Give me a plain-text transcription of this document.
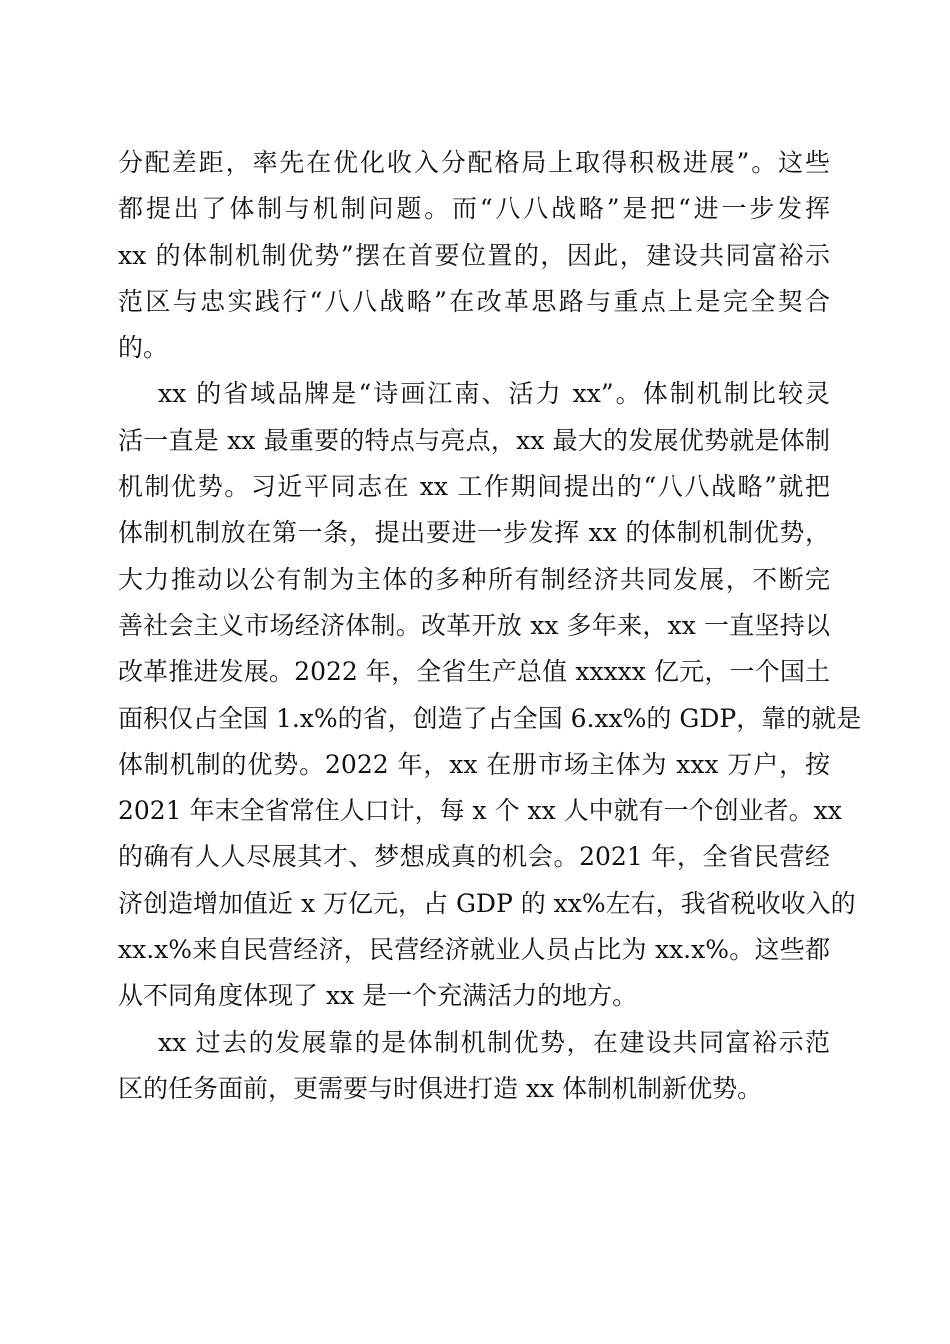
分配差距，率先在优化收入分配格局上取得积极进展”。这些
都提出了体制与机制问题。而“八八战略”是把“进一步发挥
xx 的体制机制优势”摆在首要位置的，因此，建设共同富裕示
范区与忠实践行“八八战略”在改革思路与重点上是完全契合
的。
xx 的省域品牌是“诗画江南、活力 xx”。体制机制比较灵
活一直是 xx 最重要的特点与亮点，xx 最大的发展优势就是体制
机制优势。习近平同志在 xx 工作期间提出的“八八战略”就把
体制机制放在第一条，提出要进一步发挥 xx 的体制机制优势，
大力推动以公有制为主体的多种所有制经济共同发展，不断完
善社会主义市场经济体制。改革开放 xx 多年来，xx 一直坚持以
改革推进发展。2022 年，全省生产总值 xxxxx 亿元，一个国土
面积仅占全国 1.x%的省，创造了占全国 6.xx%的 GDP，靠的就是
体制机制的优势。2022 年，xx 在册市场主体为 xxx 万户，按
2021 年末全省常住人口计，每 x 个 xx 人中就有一个创业者。xx
的确有人人尽展其才、梦想成真的机会。2021 年，全省民营经
济创造增加值近 x 万亿元，占 GDP 的 xx%左右，我省税收收入的
xx.x%来自民营经济，民营经济就业人员占比为 xx.x%。这些都
从不同角度体现了 xx 是一个充满活力的地方。
xx 过去的发展靠的是体制机制优势，在建设共同富裕示范
区的任务面前，更需要与时俱进打造 xx 体制机制新优势。
